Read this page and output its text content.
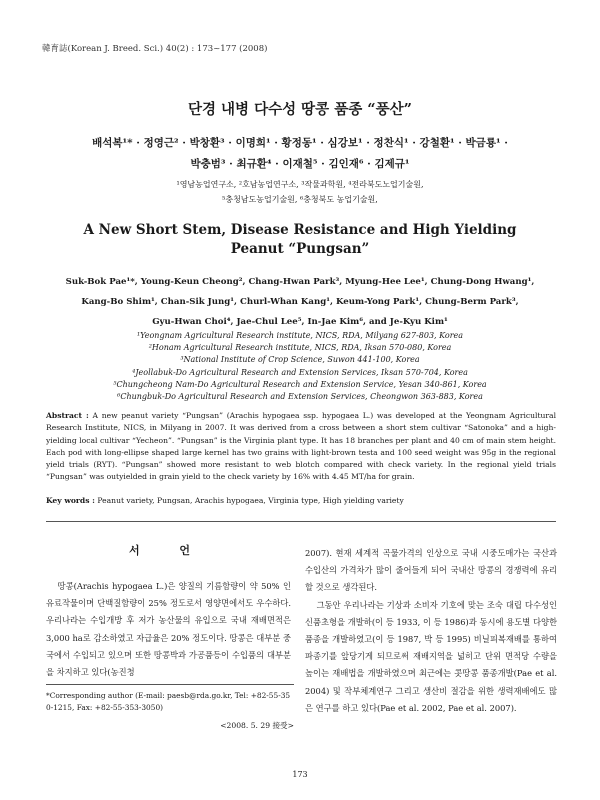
韓育誌(Korean J. Breed. Sci.) 40(2) : 173~177 (2008)
단경 내병 다수성 땅콩 품종 “풍산”
배석복¹* · 정영근² · 박창환³ · 이명희¹ · 황정동¹ · 심강보¹ · 정찬식¹ · 강철환¹ · 박금룡¹ ·
박충범³ · 최규환⁴ · 이재철⁵ · 김인재⁶ · 김제규¹
¹영남농업연구소, ²호남농업연구소, ³작물과학원, ⁴전라북도노업기술원,
⁵충청남도농업기술원, ⁶충청북도 농업기술원,
A New Short Stem, Disease Resistance and High Yielding
Peanut “Pungsan”
Suk-Bok Pae¹*, Young-Keun Cheong², Chang-Hwan Park³, Myung-Hee Lee¹, Chung-Dong Hwang¹,
Kang-Bo Shim¹, Chan-Sik Jung¹, Churl-Whan Kang¹, Keum-Yong Park¹, Chung-Berm Park³,
Gyu-Hwan Choi⁴, Jae-Chul Lee⁵, In-Jae Kim⁶, and Je-Kyu Kim¹
¹Yeongnam Agricultural Research institute, NICS, RDA, Milyang 627-803, Korea
²Honam Agricultural Research institute, NICS, RDA, Iksan 570-080, Korea
³National Institute of Crop Science, Suwon 441-100, Korea
⁴Jeollabuk-Do Agricultural Research and Extension Services, Iksan 570-704, Korea
⁵Chungcheong Nam-Do Agricultural Research and Extension Service, Yesan 340-861, Korea
⁶Chungbuk-Do Agricultural Research and Extension Services, Cheongwon 363-883, Korea

Abstract : A new peanut variety “Pungsan” (Arachis hypogaea ssp. hypogaea L.) was developed at the Yeongnam Agricultural Research Institute, NICS, in Milyang in 2007. It was derived from a cross between a short stem cultivar “Satonoka” and a high-yielding local cultivar “Yecheon”. “Pungsan” is the Virginia plant type. It has 18 branches per plant and 40 cm of main stem height. Each pod with long-ellipse shaped large kernel has two grains with light-brown testa and 100 seed weight was 95g in the regional yield trials (RYT). “Pungsan” showed more resistant to web blotch compared with check variety. In the regional yield trials “Pungsan” was outyielded in grain yield to the check variety by 16% with 4.45 MT/ha for grain.

Key words : Peanut variety, Pungsan, Arachis hypogaea, Virginia type, High yielding variety

서 언

땅콩(Arachis hypogaea L.)은 양질의 기름함량이 약 50% 인 유료작물이며 단백질함량이 25% 정도로서 영양면에서도 우수하다. 우리나라는 수입개방 후 저가 농산물의 유입으로 국내 재배면적은 3,000 ha로 감소하였고 자급율은 20% 정도이다. 땅콩은 대부분 중국에서 수입되고 있으며 또한 땅콩박과 가공품등이 수입품의 대부분을 차지하고 있다(농진청

2007). 현재 세계적 곡물가격의 인상으로 국내 시중도매가는 국산과 수입산의 가격차가 많이 줄어들게 되어 국내산 땅콩의 경쟁력에 유리할 것으로 생각된다.

그동안 우리나라는 기상과 소비자 기호에 맞는 조숙 대립 다수성인 신품초형을 개발하(이 등 1933, 이 등 1986)과 동시에 용도별 다양한 품종을 개발하였고(이 등 1987, 박 등 1995) 비닐피복재배를 통하여 파종기를 앞당기게 되므로써 재배지역을 넓히고 단위 면적당 수량을 높이는 재배법을 개발하였으며 최근에는 콧땅콩 품종개발(Pae et al. 2004) 및 작부체계연구 그리고 생산비 절감을 위한 생력재배에도 많은 연구를 하고 있다(Pae et al. 2002, Pae et al. 2007).

*Corresponding author (E-mail: paesb@rda.go.kr, Tel: +82-55-35
0-1215, Fax: +82-55-353-3050)
<2008. 5. 29 接受>
173
